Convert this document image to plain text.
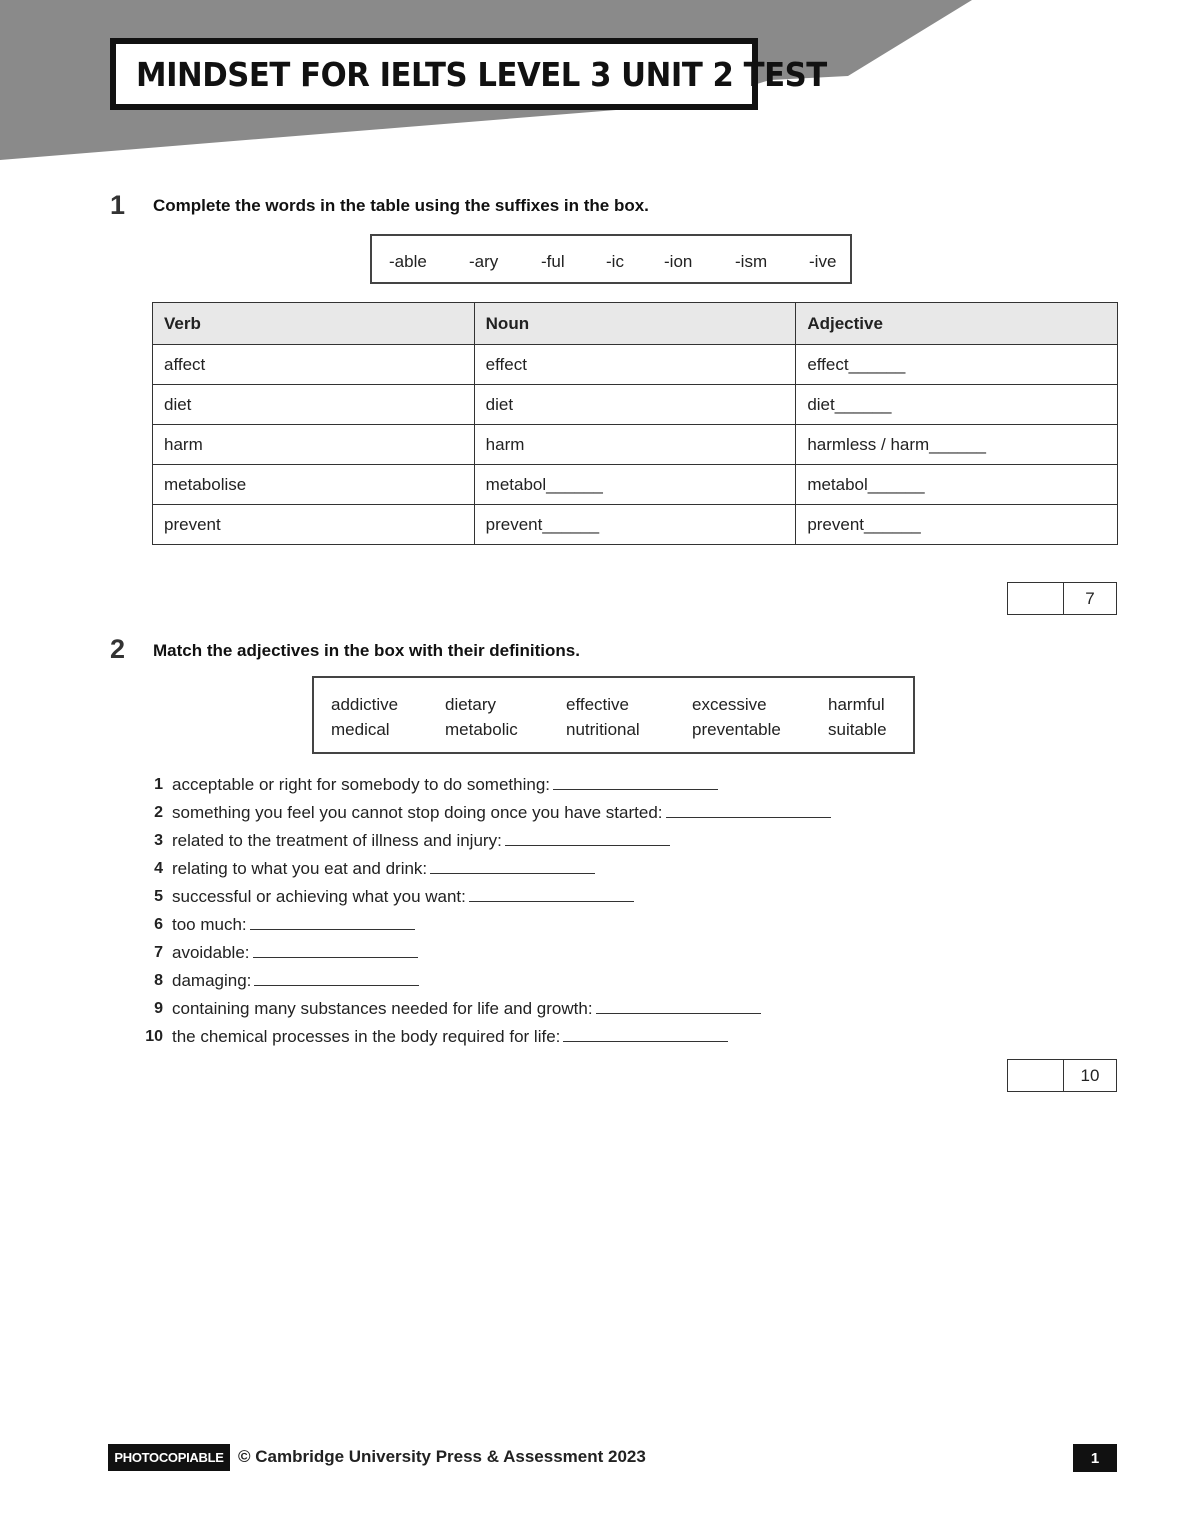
MINDSET FOR IELTS LEVEL 3 UNIT 2 TEST
1 Complete the words in the table using the suffixes in the box.
-able -ary	-ful -ic -ion	-ism -ive
Verb	Noun	Adjective
affect	effect	effect______
diet	diet	diet______
harm	harm	harmless / harm______
metabolise	metabol______	metabol______
prevent	prevent______	prevent______
7
2 Match the adjectives in the box with their definitions.
addictive	dietary	effective	excessive	harmful
medical	metabolic	nutritional	preventable	suitable
1 acceptable or right for somebody to do something:
2 something you feel you cannot stop doing once you have started:
3 related to the treatment of illness and injury:
4 relating to what you eat and drink:
5 successful or achieving what you want:
6 too much:
7 avoidable:
8 damaging:
9 containing many substances needed for life and growth:
10 the chemical processes in the body required for life:
10
PHOTOCOPIABLE © Cambridge University Press & Assessment 2023	1
